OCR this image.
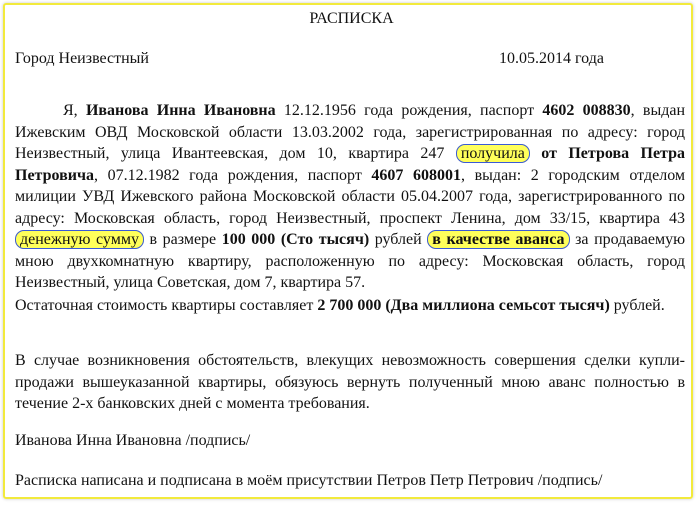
РАСПИСКА
Город Неизвестный	10.05.2014 года
Я, Иванова Инна Ивановна 12.12.1956 года рождения, паспорт 4602 008830, выдан Ижевским ОВД Московской области 13.03.2002 года, зарегистрированная по адресу: город Неизвестный, улица Ивантеевская, дом 10, квартира 247 получила от Петрова Петра Петровича, 07.12.1982 года рождения, паспорт 4607 608001, выдан: 2 городским отделом милиции УВД Ижевского района Московской области 05.04.2007 года, зарегистрированного по адресу: Московская область, город Неизвестный, проспект Ленина, дом 33/15, квартира 43 денежную сумму в размере 100 000 (Сто тысяч) рублей в качестве аванса за продаваемую мною двухкомнатную квартиру, расположенную по адресу: Московская область, город Неизвестный, улица Советская, дом 7, квартира 57.
Остаточная стоимость квартиры составляет 2 700 000 (Два миллиона семьсот тысяч) рублей.
В случае возникновения обстоятельств, влекущих невозможность совершения сделки купли-продажи вышеуказанной квартиры, обязуюсь вернуть полученный мною аванс полностью в течение 2-х банковских дней с момента требования.
Иванова Инна Ивановна /подпись/
Расписка написана и подписана в моём присутствии Петров Петр Петрович /подпись/
